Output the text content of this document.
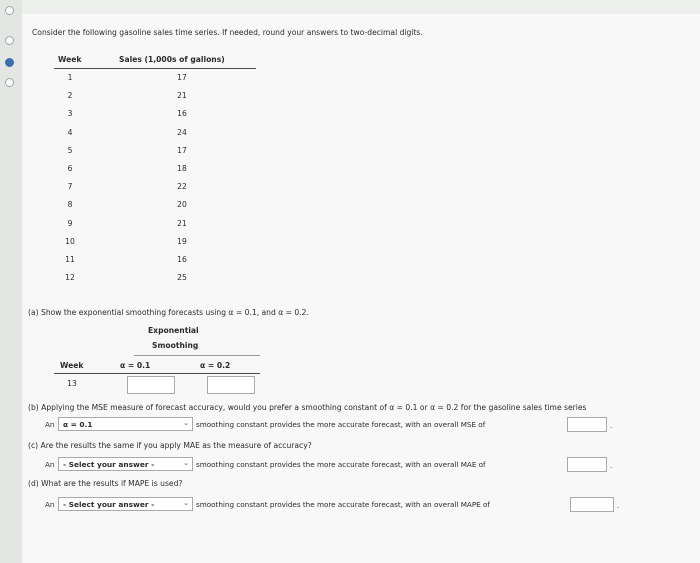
Consider the following gasoline sales time series. If needed, round your answers to two-decimal digits.
Week	Sales (1,000s of gallons)
1	17
2	21
3	16
4	24
5	17
6	18
7	22
8	20
9	21
10	19
11	16
12	25
(a) Show the exponential smoothing forecasts using α = 0.1, and α = 0.2.
Exponential
Smoothing
Week	α = 0.1	α = 0.2
13
(b) Applying the MSE measure of forecast accuracy, would you prefer a smoothing constant of α = 0.1 or α = 0.2 for the gasoline sales time series
An	α = 0.1	⌄ smoothing constant provides the more accurate forecast, with an overall MSE of	.
(c) Are the results the same if you apply MAE as the measure of accuracy?
An	- Select your answer -	⌄ smoothing constant provides the more accurate forecast, with an overall MAE of	.
(d) What are the results if MAPE is used?
An	- Select your answer -	⌄ smoothing constant provides the more accurate forecast, with an overall MAPE of	.
